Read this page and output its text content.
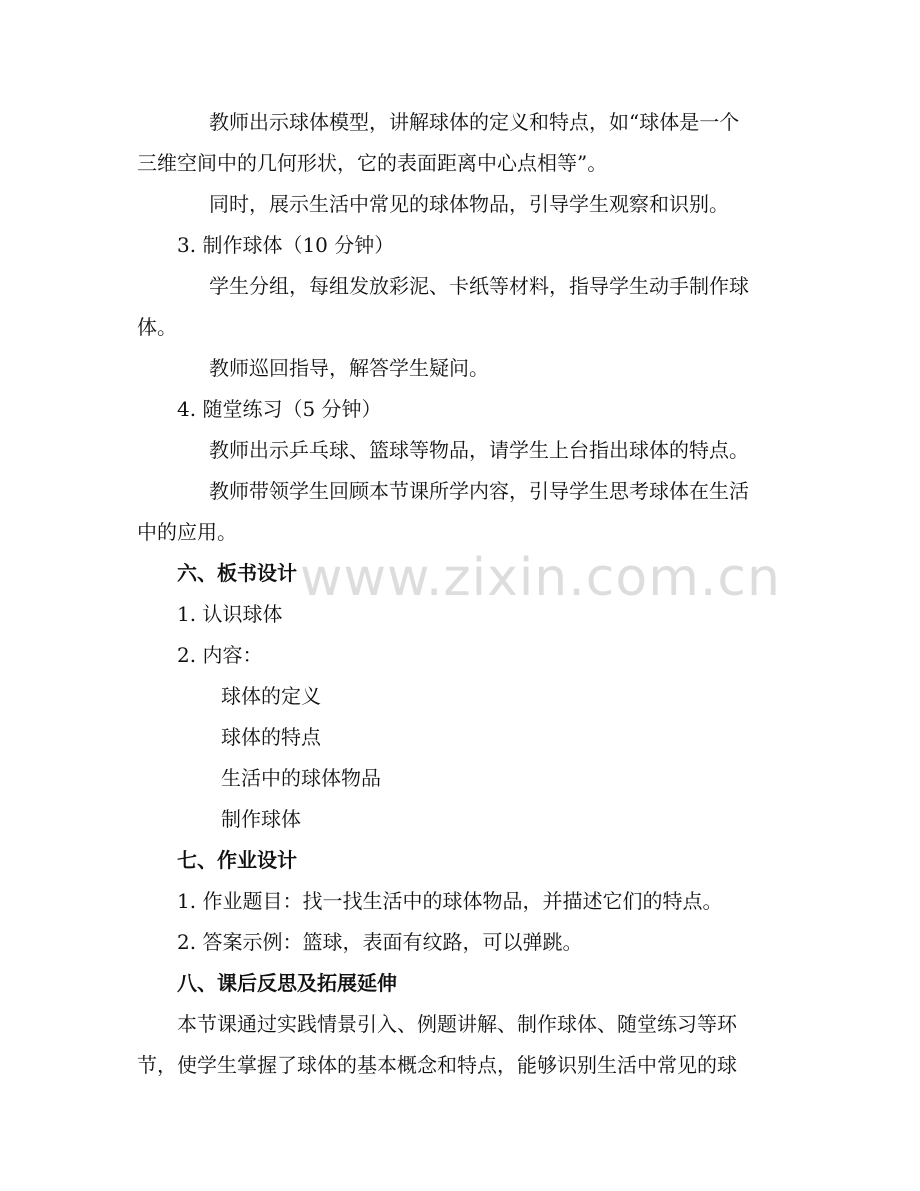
教师出示球体模型，讲解球体的定义和特点，如“球体是一个
三维空间中的几何形状，它的表面距离中心点相等”。
同时，展示生活中常见的球体物品，引导学生观察和识别。
3. 制作球体（10 分钟）
学生分组，每组发放彩泥、卡纸等材料，指导学生动手制作球
体。
教师巡回指导，解答学生疑问。
4. 随堂练习（5 分钟）
教师出示乒乓球、篮球等物品，请学生上台指出球体的特点。
教师带领学生回顾本节课所学内容，引导学生思考球体在生活
中的应用。
六、板书设计
1. 认识球体
2. 内容：
球体的定义
球体的特点
生活中的球体物品
制作球体
七、作业设计
1. 作业题目：找一找生活中的球体物品，并描述它们的特点。
2. 答案示例：篮球，表面有纹路，可以弹跳。
八、课后反思及拓展延伸
本节课通过实践情景引入、例题讲解、制作球体、随堂练习等环
节，使学生掌握了球体的基本概念和特点，能够识别生活中常见的球
www.zixin.com.cn
